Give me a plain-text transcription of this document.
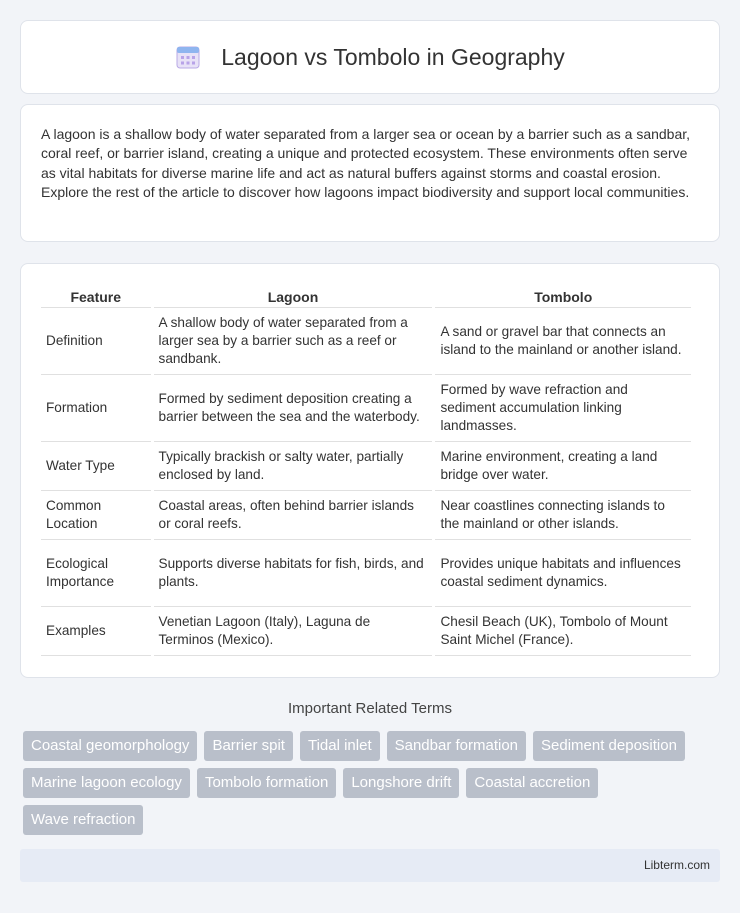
Lagoon vs Tombolo in Geography

A lagoon is a shallow body of water separated from a larger sea or ocean by a barrier such as a sandbar, coral reef, or barrier island, creating a unique and protected ecosystem. These environments often serve as vital habitats for diverse marine life and act as natural buffers against storms and coastal erosion. Explore the rest of the article to discover how lagoons impact biodiversity and support local communities.

Feature	Lagoon	Tombolo
Definition	A shallow body of water separated from a larger sea by a barrier such as a reef or sandbank.	A sand or gravel bar that connects an island to the mainland or another island.
Formation	Formed by sediment deposition creating a barrier between the sea and the waterbody.	Formed by wave refraction and sediment accumulation linking landmasses.
Water Type	Typically brackish or salty water, partially enclosed by land.	Marine environment, creating a land bridge over water.
Common Location	Coastal areas, often behind barrier islands or coral reefs.	Near coastlines connecting islands to the mainland or other islands.
Ecological Importance	Supports diverse habitats for fish, birds, and plants.	Provides unique habitats and influences coastal sediment dynamics.
Examples	Venetian Lagoon (Italy), Laguna de Terminos (Mexico).	Chesil Beach (UK), Tombolo of Mount Saint Michel (France).
Important Related Terms
Coastal geomorphology	Barrier spit	Tidal inlet	Sandbar formation	Sediment deposition
Marine lagoon ecology	Tombolo formation	Longshore drift	Coastal accretion
Wave refraction
Libterm.com
